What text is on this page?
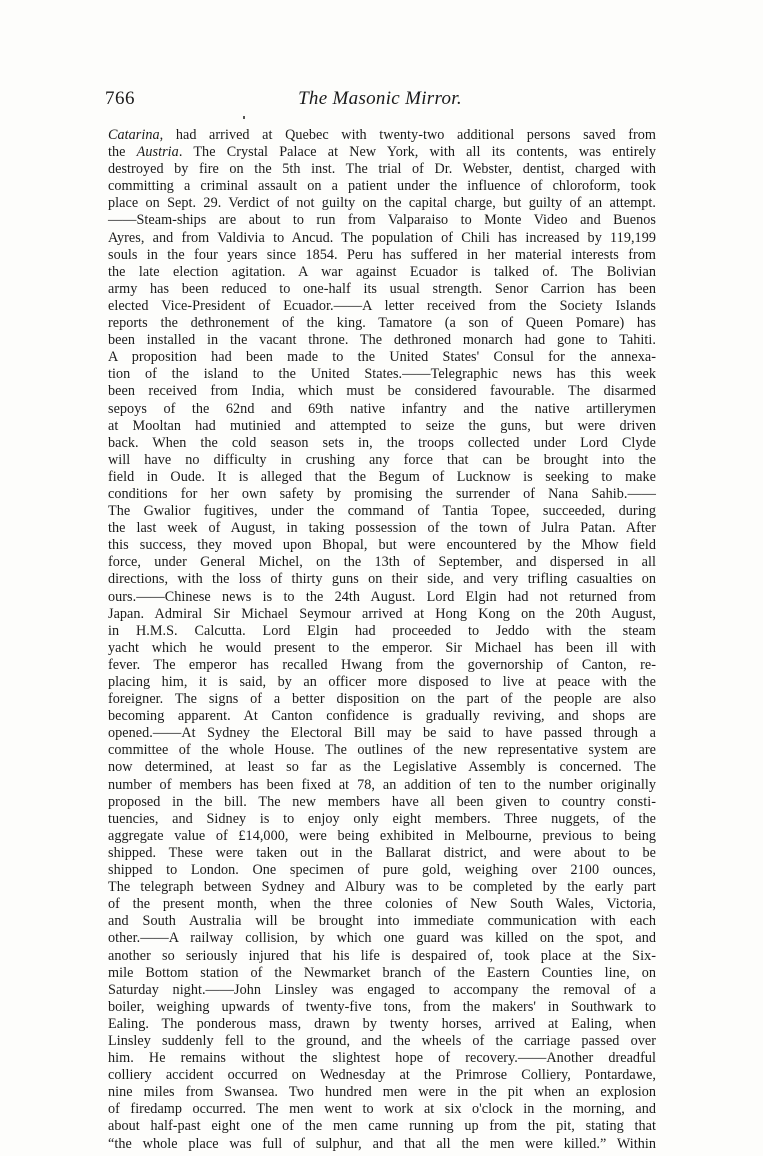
766	The Masonic Mirror.
Catarina, had arrived at Quebec with twenty-two additional persons saved from
the Austria. The Crystal Palace at New York, with all its contents, was entirely
destroyed by fire on the 5th inst. The trial of Dr. Webster, dentist, charged with
committing a criminal assault on a patient under the influence of chloroform, took
place on Sept. 29. Verdict of not guilty on the capital charge, but guilty of an attempt.
——Steam-ships are about to run from Valparaiso to Monte Video and Buenos
Ayres, and from Valdivia to Ancud. The population of Chili has increased by 119,199
souls in the four years since 1854. Peru has suffered in her material interests from
the late election agitation. A war against Ecuador is talked of. The Bolivian
army has been reduced to one-half its usual strength. Senor Carrion has been
elected Vice-President of Ecuador.——A letter received from the Society Islands
reports the dethronement of the king. Tamatore (a son of Queen Pomare) has
been installed in the vacant throne. The dethroned monarch had gone to Tahiti.
A proposition had been made to the United States' Consul for the annexa-
tion of the island to the United States.——Telegraphic news has this week
been received from India, which must be considered favourable. The disarmed
sepoys of the 62nd and 69th native infantry and the native artillerymen
at Mooltan had mutinied and attempted to seize the guns, but were driven
back. When the cold season sets in, the troops collected under Lord Clyde
will have no difficulty in crushing any force that can be brought into the
field in Oude. It is alleged that the Begum of Lucknow is seeking to make
conditions for her own safety by promising the surrender of Nana Sahib.——
The Gwalior fugitives, under the command of Tantia Topee, succeeded, during
the last week of August, in taking possession of the town of Julra Patan. After
this success, they moved upon Bhopal, but were encountered by the Mhow field
force, under General Michel, on the 13th of September, and dispersed in all
directions, with the loss of thirty guns on their side, and very trifling casualties on
ours.——Chinese news is to the 24th August. Lord Elgin had not returned from
Japan. Admiral Sir Michael Seymour arrived at Hong Kong on the 20th August,
in H.M.S. Calcutta. Lord Elgin had proceeded to Jeddo with the steam
yacht which he would present to the emperor. Sir Michael has been ill with
fever. The emperor has recalled Hwang from the governorship of Canton, re-
placing him, it is said, by an officer more disposed to live at peace with the
foreigner. The signs of a better disposition on the part of the people are also
becoming apparent. At Canton confidence is gradually reviving, and shops are
opened.——At Sydney the Electoral Bill may be said to have passed through a
committee of the whole House. The outlines of the new representative system are
now determined, at least so far as the Legislative Assembly is concerned. The
number of members has been fixed at 78, an addition of ten to the number originally
proposed in the bill. The new members have all been given to country consti-
tuencies, and Sidney is to enjoy only eight members. Three nuggets, of the
aggregate value of £14,000, were being exhibited in Melbourne, previous to being
shipped. These were taken out in the Ballarat district, and were about to be
shipped to London. One specimen of pure gold, weighing over 2100 ounces,
The telegraph between Sydney and Albury was to be completed by the early part
of the present month, when the three colonies of New South Wales, Victoria,
and South Australia will be brought into immediate communication with each
other.——A railway collision, by which one guard was killed on the spot, and
another so seriously injured that his life is despaired of, took place at the Six-
mile Bottom station of the Newmarket branch of the Eastern Counties line, on
Saturday night.——John Linsley was engaged to accompany the removal of a
boiler, weighing upwards of twenty-five tons, from the makers' in Southwark to
Ealing. The ponderous mass, drawn by twenty horses, arrived at Ealing, when
Linsley suddenly fell to the ground, and the wheels of the carriage passed over
him. He remains without the slightest hope of recovery.——Another dreadful
colliery accident occurred on Wednesday at the Primrose Colliery, Pontardawe,
nine miles from Swansea. Two hundred men were in the pit when an explosion
of firedamp occurred. The men went to work at six o'clock in the morning, and
about half-past eight one of the men came running up from the pit, stating that
“the whole place was full of sulphur, and that all the men were killed.” Within
